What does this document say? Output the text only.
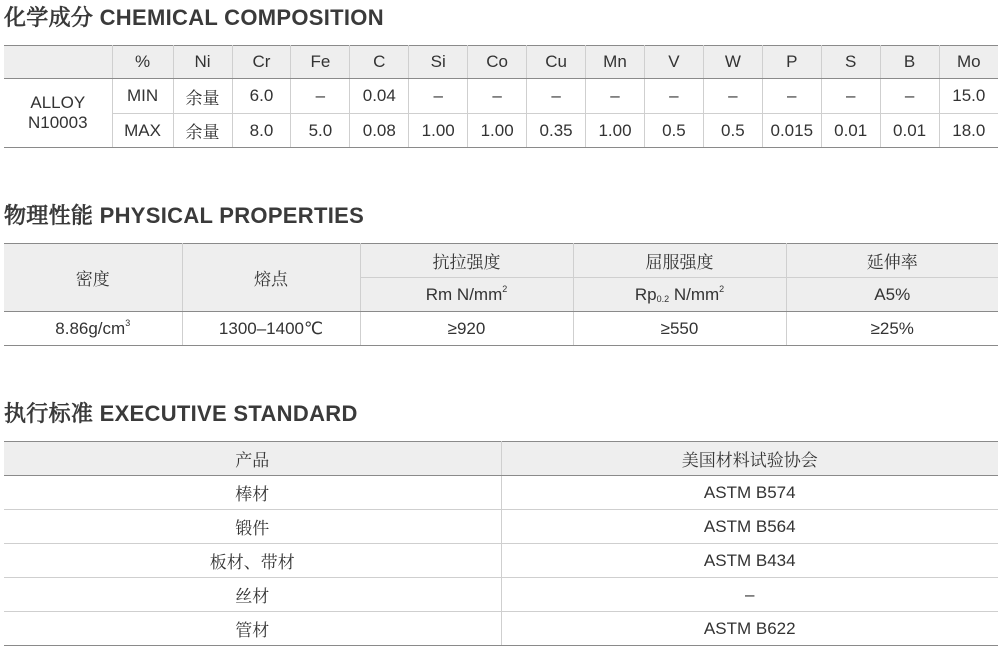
化学成分 CHEMICAL COMPOSITION
	%	Ni	Cr	Fe	C	Si	Co	Cu	Mn	V	W	P	S	B	Mo

ALLOY
N10003	MIN	余量	6.0	–	0.04	–	–	–	–	–	–	–	–	–	15.0
	MAX	余量	8.0	5.0	0.08	1.00	1.00	0.35	1.00	0.5	0.5	0.015	0.01	0.01	18.0
物理性能 PHYSICAL PROPERTIES
密度	熔点	抗拉强度	屈服强度	延伸率
		Rm $N/mm^2$	$Rp_{0.2}$ $N/mm^2$	A5%
$8.86g/cm^3$	1300–1400℃	≥920	≥550	≥25%
执行标准 EXECUTIVE STANDARD
产品	美国材料试验协会
棒材	ASTM B574
锻件	ASTM B564
板材、带材	ASTM B434
丝材	–
管材	ASTM B622
